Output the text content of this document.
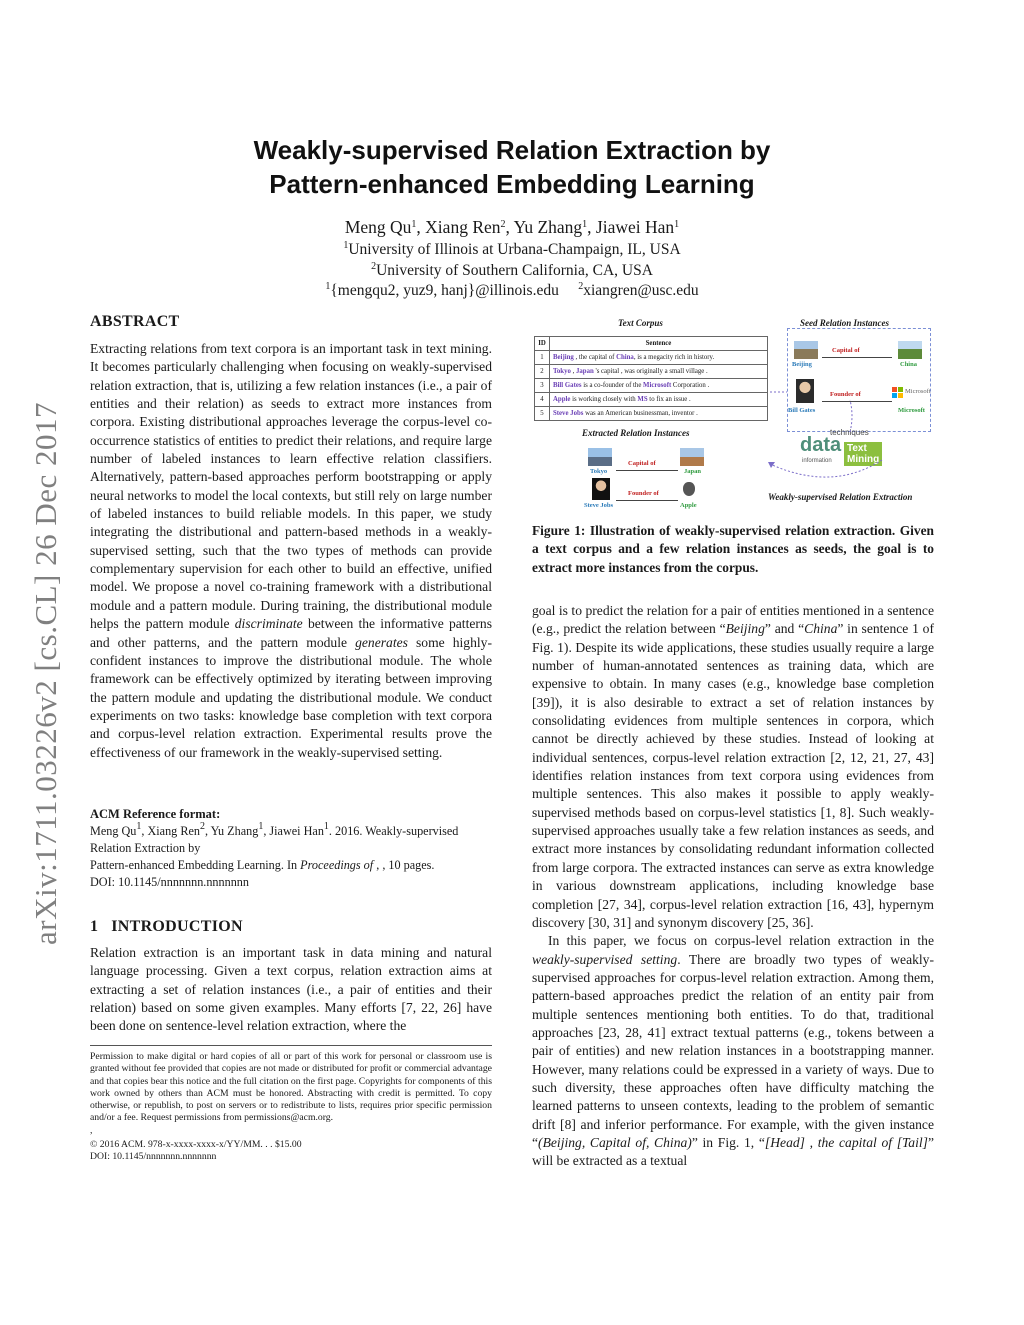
arXiv:1711.03226v2 [cs.CL] 26 Dec 2017
Weakly-supervised Relation Extraction by
Pattern-enhanced Embedding Learning
Meng Qu$^1$, Xiang Ren$^2$, Yu Zhang$^1$, Jiawei Han$^1$
$^1$University of Illinois at Urbana-Champaign, IL, USA
$^2$University of Southern California, CA, USA
$^1${mengqu2, yuz9, hanj}@illinois.edu $^2$xiangren@usc.edu
ABSTRACT

Extracting relations from text corpora is an important task in text mining. It becomes particularly challenging when focusing on weakly-supervised relation extraction, that is, utilizing a few relation instances (i.e., a pair of entities and their relation) as seeds to extract more instances from corpora. Existing distributional approaches leverage the corpus-level co-occurrence statistics of entities to predict their relations, and require large number of labeled instances to learn effective relation classifiers. Alternatively, pattern-based approaches perform bootstrapping or apply neural networks to model the local contexts, but still rely on large number of labeled instances to build reliable models. In this paper, we study integrating the distributional and pattern-based methods in a weakly-supervised setting, such that the two types of methods can provide complementary supervision for each other to build an effective, unified model. We propose a novel co-training framework with a distributional module and a pattern module. During training, the distributional module helps the pattern module discriminate between the informative patterns and other patterns, and the pattern module generates some highly-confident instances to improve the distributional module. The whole framework can be effectively optimized by iterating between improving the pattern module and updating the distributional module. We conduct experiments on two tasks: knowledge base completion with text corpora and corpus-level relation extraction. Experimental results prove the effectiveness of our framework in the weakly-supervised setting.

ACM Reference format:
Meng Qu$^1$, Xiang Ren$^2$, Yu Zhang$^1$, Jiawei Han$^1$. 2016. Weakly-supervised Relation Extraction by
Pattern-enhanced Embedding Learning. In Proceedings of , , 10 pages.
DOI: 10.1145/nnnnnnn.nnnnnnn
1 INTRODUCTION
Relation extraction is an important task in data mining and natural language processing. Given a text corpus, relation extraction aims at extracting a set of relation instances (i.e., a pair of entities and their relation) based on some given examples. Many efforts [7, 22, 26] have been done on sentence-level relation extraction, where the
Permission to make digital or hard copies of all or part of this work for personal or classroom use is granted without fee provided that copies are not made or distributed for profit or commercial advantage and that copies bear this notice and the full citation on the first page. Copyrights for components of this work owned by others than ACM must be honored. Abstracting with credit is permitted. To copy otherwise, or republish, to post on servers or to redistribute to lists, requires prior specific permission and/or a fee. Request permissions from permissions@acm.org.
,
© 2016 ACM. 978-x-xxxx-xxxx-x/YY/MM. . . $15.00
DOI: 10.1145/nnnnnnn.nnnnnnn
Text Corpus	Seed Relation Instances
ID	Sentence
1	Beijing , the capital of China, is a megacity rich in history.
2	Tokyo , Japan 's capital , was originally a small village .
3	Bill Gates is a co-founder of the Microsoft Corporation .
4	Apple is working closely with MS to fix an issue .
5	Steve Jobs was an American businessman, inventor .
Beijing
Capital of
China
Bill Gates
Founder of	Microsoft
Microsoft
Extracted Relation Instances
Tokyo
Capital of
Japan
Steve Jobs
Founder of
Apple
techniques
data
information
Text
Mining
Weakly-supervised Relation Extraction
Figure 1: Illustration of weakly-supervised relation extraction. Given a text corpus and a few relation instances as seeds, the goal is to extract more instances from the corpus.

goal is to predict the relation for a pair of entities mentioned in a sentence (e.g., predict the relation between “Beijing” and “China” in sentence 1 of Fig. 1). Despite its wide applications, these studies usually require a large number of human-annotated sentences as training data, which are expensive to obtain. In many cases (e.g., knowledge base completion [39]), it is also desirable to extract a set of relation instances by consolidating evidences from multiple sentences in corpora, which cannot be directly achieved by these studies. Instead of looking at individual sentences, corpus-level relation extraction [2, 12, 21, 27, 43] identifies relation instances from text corpora using evidences from multiple sentences. This also makes it possible to apply weakly-supervised methods based on corpus-level statistics [1, 8]. Such weakly-supervised approaches usually take a few relation instances as seeds, and extract more instances by consolidating redundant information collected from large corpora. The extracted instances can serve as extra knowledge in various downstream applications, including knowledge base completion [27, 34], corpus-level relation extraction [16, 43], hypernym discovery [30, 31] and synonym discovery [25, 36].

In this paper, we focus on corpus-level relation extraction in the weakly-supervised setting. There are broadly two types of weakly-supervised approaches for corpus-level relation extraction. Among them, pattern-based approaches predict the relation of an entity pair from multiple sentences mentioning both entities. To do that, traditional approaches [23, 28, 41] extract textual patterns (e.g., tokens between a pair of entities) and new relation instances in a bootstrapping manner. However, many relations could be expressed in a variety of ways. Due to such diversity, these approaches often have difficulty matching the learned patterns to unseen contexts, leading to the problem of semantic drift [8] and inferior performance. For example, with the given instance “(Beijing, Capital of, China)” in Fig. 1, “[Head] , the capital of [Tail]” will be extracted as a textual
